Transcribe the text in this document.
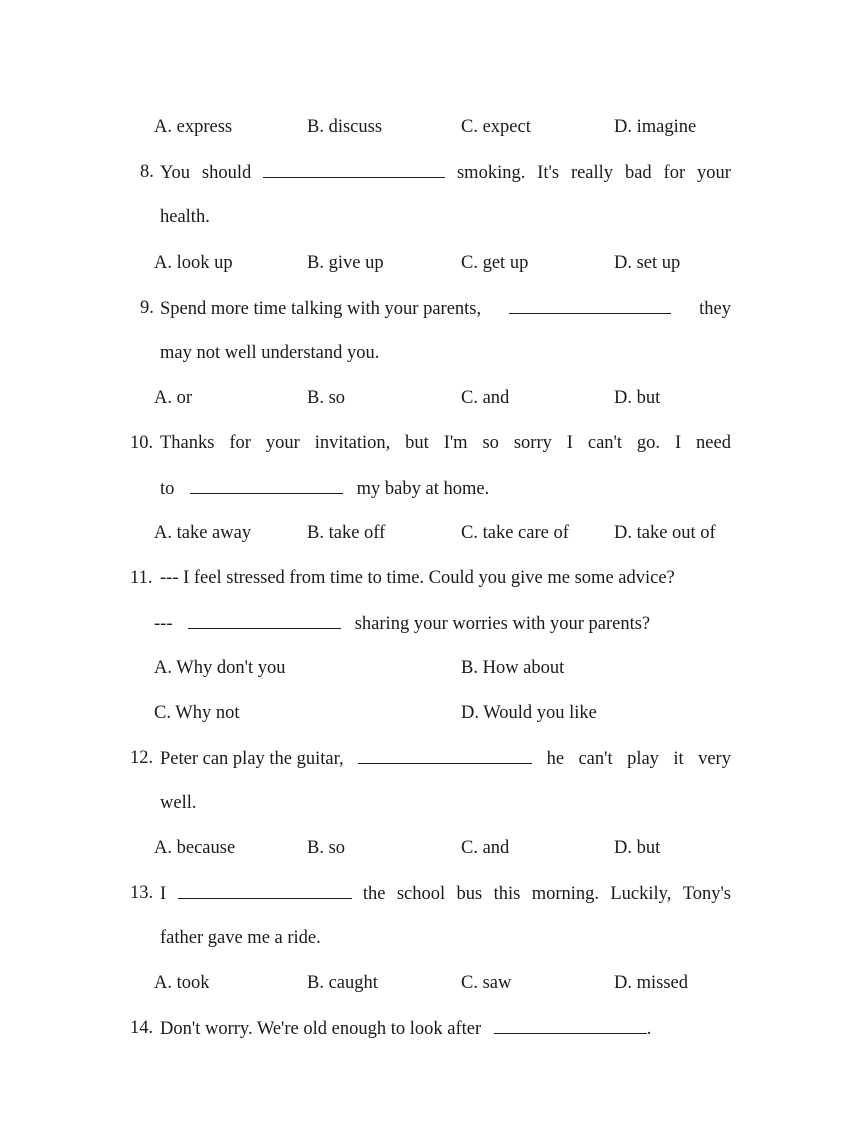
A. express	B. discuss	C. expect	D. imagine
8. You should	smoking. It's really bad for your
health.
A. look up	B. give up	C. get up	D. set up
9. Spend more time talking with your parents,	they
may not well understand you.
A. or	B. so	C. and	D. but
10. Thanks for your invitation, but I'm so sorry I can't go. I need
to	my baby at home.
A. take away	B. take off	C. take care of D. take out of
11. --- I feel stressed from time to time. Could you give me some advice?
---	sharing your worries with your parents?
A. Why don't you	B. How about
C. Why not	D. Would you like
12. Peter can play the guitar,	he can't play it very
well.
A. because	B. so	C. and	D. but
13. I	the school bus this morning. Luckily, Tony's
father gave me a ride.
A. took	B. caught	C. saw	D. missed
14. Don't worry. We're old enough to look after	.
